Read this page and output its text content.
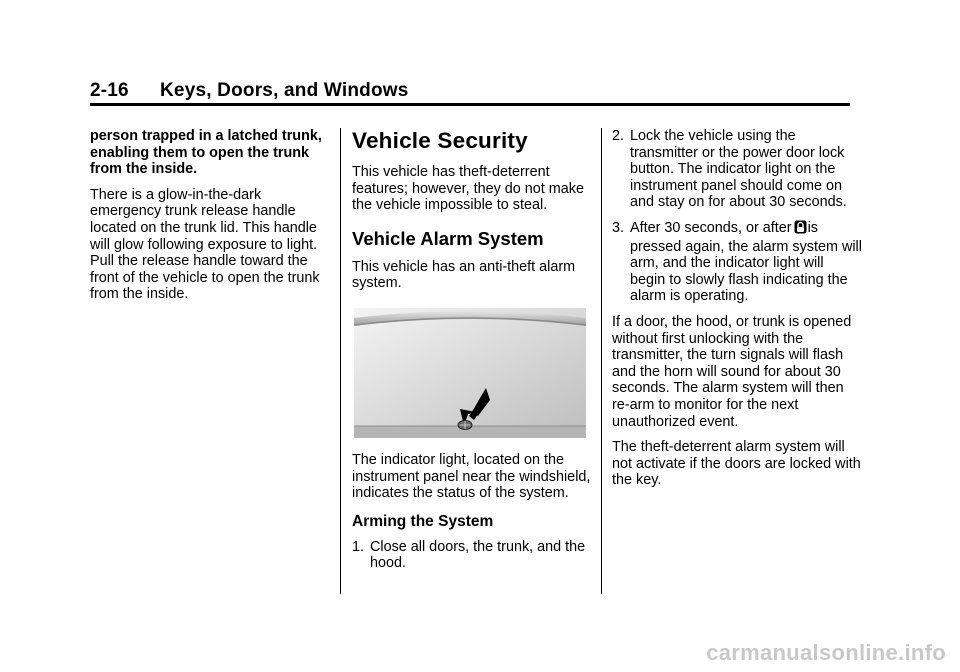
2-16 Keys, Doors, and Windows

person trapped in a latched trunk, enabling them to open the trunk from the inside.

There is a glow-in-the-dark emergency trunk release handle located on the trunk lid. This handle will glow following exposure to light. Pull the release handle toward the front of the vehicle to open the trunk from the inside.

Vehicle Security

This vehicle has theft-deterrent features; however, they do not make the vehicle impossible to steal.

Vehicle Alarm System

This vehicle has an anti-theft alarm system.

The indicator light, located on the instrument panel near the windshield, indicates the status of the system.

Arming the System
1. Close all doors, the trunk, and the hood.
2. Lock the vehicle using the transmitter or the power door lock button. The indicator light on the instrument panel should come on and stay on for about 30 seconds.
3. After 30 seconds, or after is pressed again, the alarm system will arm, and the indicator light will begin to slowly flash indicating the alarm is operating.

If a door, the hood, or trunk is opened without first unlocking with the transmitter, the turn signals will flash and the horn will sound for about 30 seconds. The alarm system will then re-arm to monitor for the next unauthorized event.

The theft-deterrent alarm system will not activate if the doors are locked with the key.

carmanualsonline.info
